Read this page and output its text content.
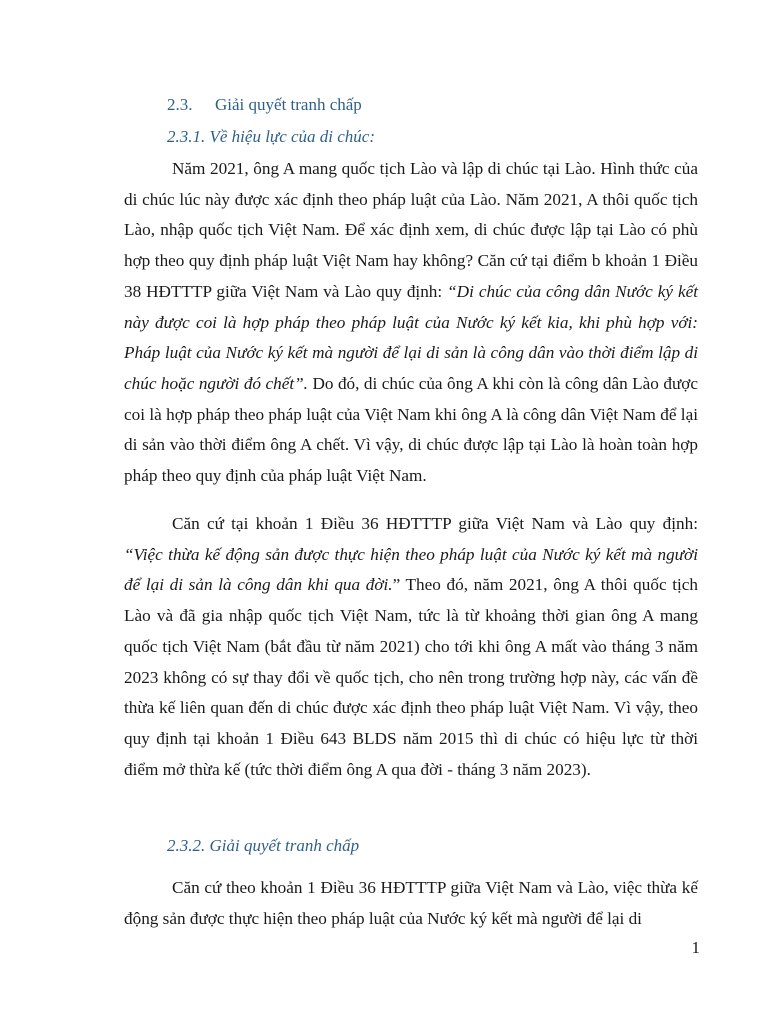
2.3. Giải quyết tranh chấp
2.3.1. Về hiệu lực của di chúc:

Năm 2021, ông A mang quốc tịch Lào và lập di chúc tại Lào. Hình thức của di chúc lúc này được xác định theo pháp luật của Lào. Năm 2021, A thôi quốc tịch Lào, nhập quốc tịch Việt Nam. Để xác định xem, di chúc được lập tại Lào có phù hợp theo quy định pháp luật Việt Nam hay không? Căn cứ tại điểm b khoản 1 Điều 38 HĐTTTP giữa Việt Nam và Lào quy định: “Di chúc của công dân Nước ký kết này được coi là hợp pháp theo pháp luật của Nước ký kết kia, khi phù hợp với: Pháp luật của Nước ký kết mà người để lại di sản là công dân vào thời điểm lập di chúc hoặc người đó chết”. Do đó, di chúc của ông A khi còn là công dân Lào được coi là hợp pháp theo pháp luật của Việt Nam khi ông A là công dân Việt Nam để lại di sản vào thời điểm ông A chết. Vì vậy, di chúc được lập tại Lào là hoàn toàn hợp pháp theo quy định của pháp luật Việt Nam.

Căn cứ tại khoản 1 Điều 36 HĐTTTP giữa Việt Nam và Lào quy định: “Việc thừa kế động sản được thực hiện theo pháp luật của Nước ký kết mà người để lại di sản là công dân khi qua đời.” Theo đó, năm 2021, ông A thôi quốc tịch Lào và đã gia nhập quốc tịch Việt Nam, tức là từ khoảng thời gian ông A mang quốc tịch Việt Nam (bắt đầu từ năm 2021) cho tới khi ông A mất vào tháng 3 năm 2023 không có sự thay đổi về quốc tịch, cho nên trong trường hợp này, các vấn đề thừa kế liên quan đến di chúc được xác định theo pháp luật Việt Nam. Vì vậy, theo quy định tại khoản 1 Điều 643 BLDS năm 2015 thì di chúc có hiệu lực từ thời điểm mở thừa kế (tức thời điểm ông A qua đời - tháng 3 năm 2023).

2.3.2. Giải quyết tranh chấp

Căn cứ theo khoản 1 Điều 36 HĐTTTP giữa Việt Nam và Lào, việc thừa kế động sản được thực hiện theo pháp luật của Nước ký kết mà người để lại di

1
